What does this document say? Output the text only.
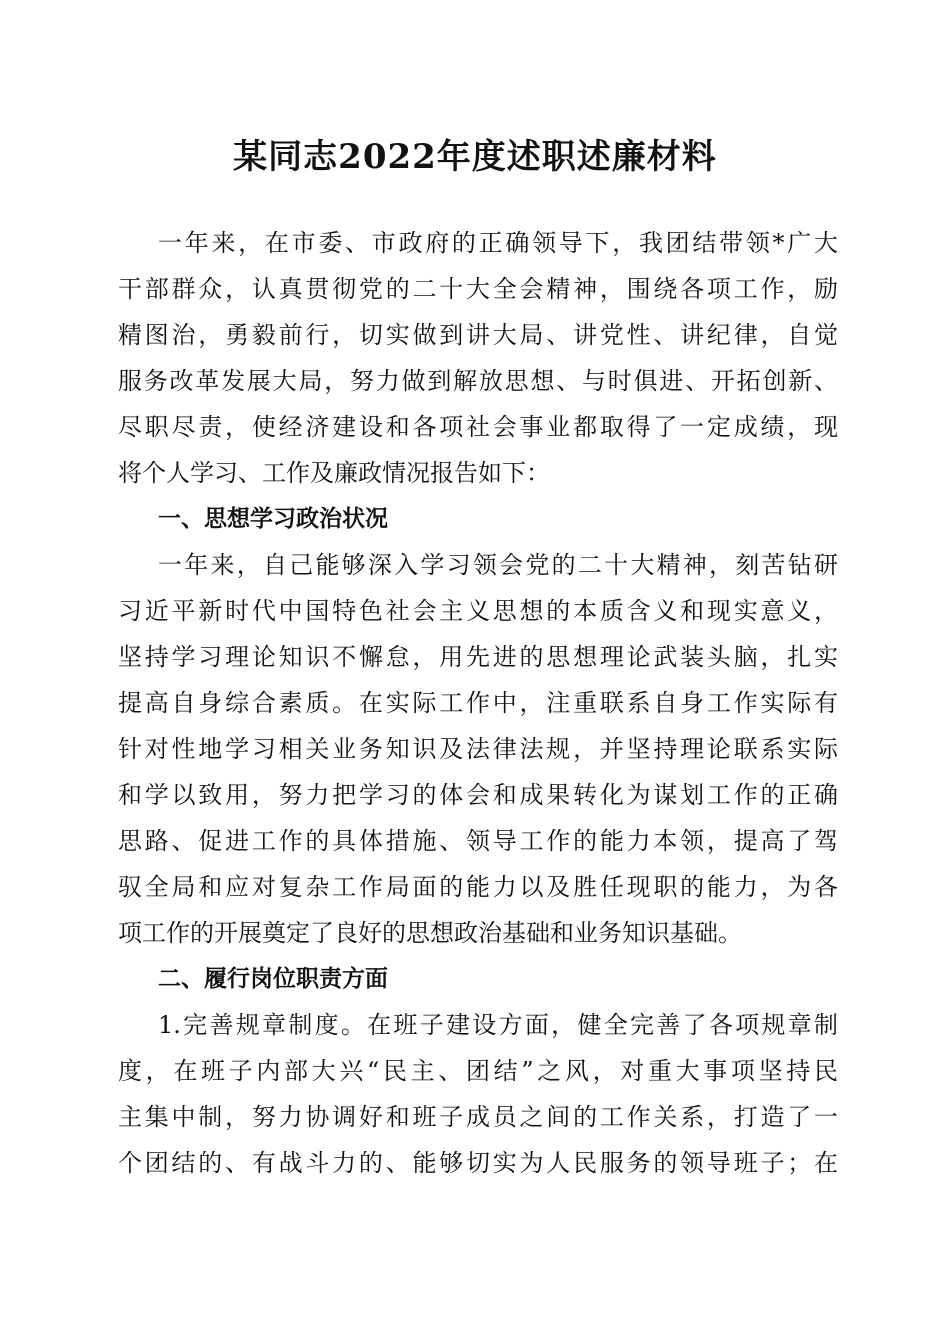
某同志2022年度述职述廉材料
一年来，在市委、市政府的正确领导下，我团结带领*广大
干部群众，认真贯彻党的二十大全会精神，围绕各项工作，励
精图治，勇毅前行，切实做到讲大局、讲党性、讲纪律，自觉
服务改革发展大局，努力做到解放思想、与时俱进、开拓创新、
尽职尽责，使经济建设和各项社会事业都取得了一定成绩，现
将个人学习、工作及廉政情况报告如下：
一、思想学习政治状况
一年来，自己能够深入学习领会党的二十大精神，刻苦钻研
习近平新时代中国特色社会主义思想的本质含义和现实意义，
坚持学习理论知识不懈怠，用先进的思想理论武装头脑，扎实
提高自身综合素质。在实际工作中，注重联系自身工作实际有
针对性地学习相关业务知识及法律法规，并坚持理论联系实际
和学以致用，努力把学习的体会和成果转化为谋划工作的正确
思路、促进工作的具体措施、领导工作的能力本领，提高了驾
驭全局和应对复杂工作局面的能力以及胜任现职的能力，为各
项工作的开展奠定了良好的思想政治基础和业务知识基础。
二、履行岗位职责方面
1.完善规章制度。在班子建设方面，健全完善了各项规章制
度，在班子内部大兴“民主、团结”之风，对重大事项坚持民
主集中制，努力协调好和班子成员之间的工作关系，打造了一
个团结的、有战斗力的、能够切实为人民服务的领导班子；在
